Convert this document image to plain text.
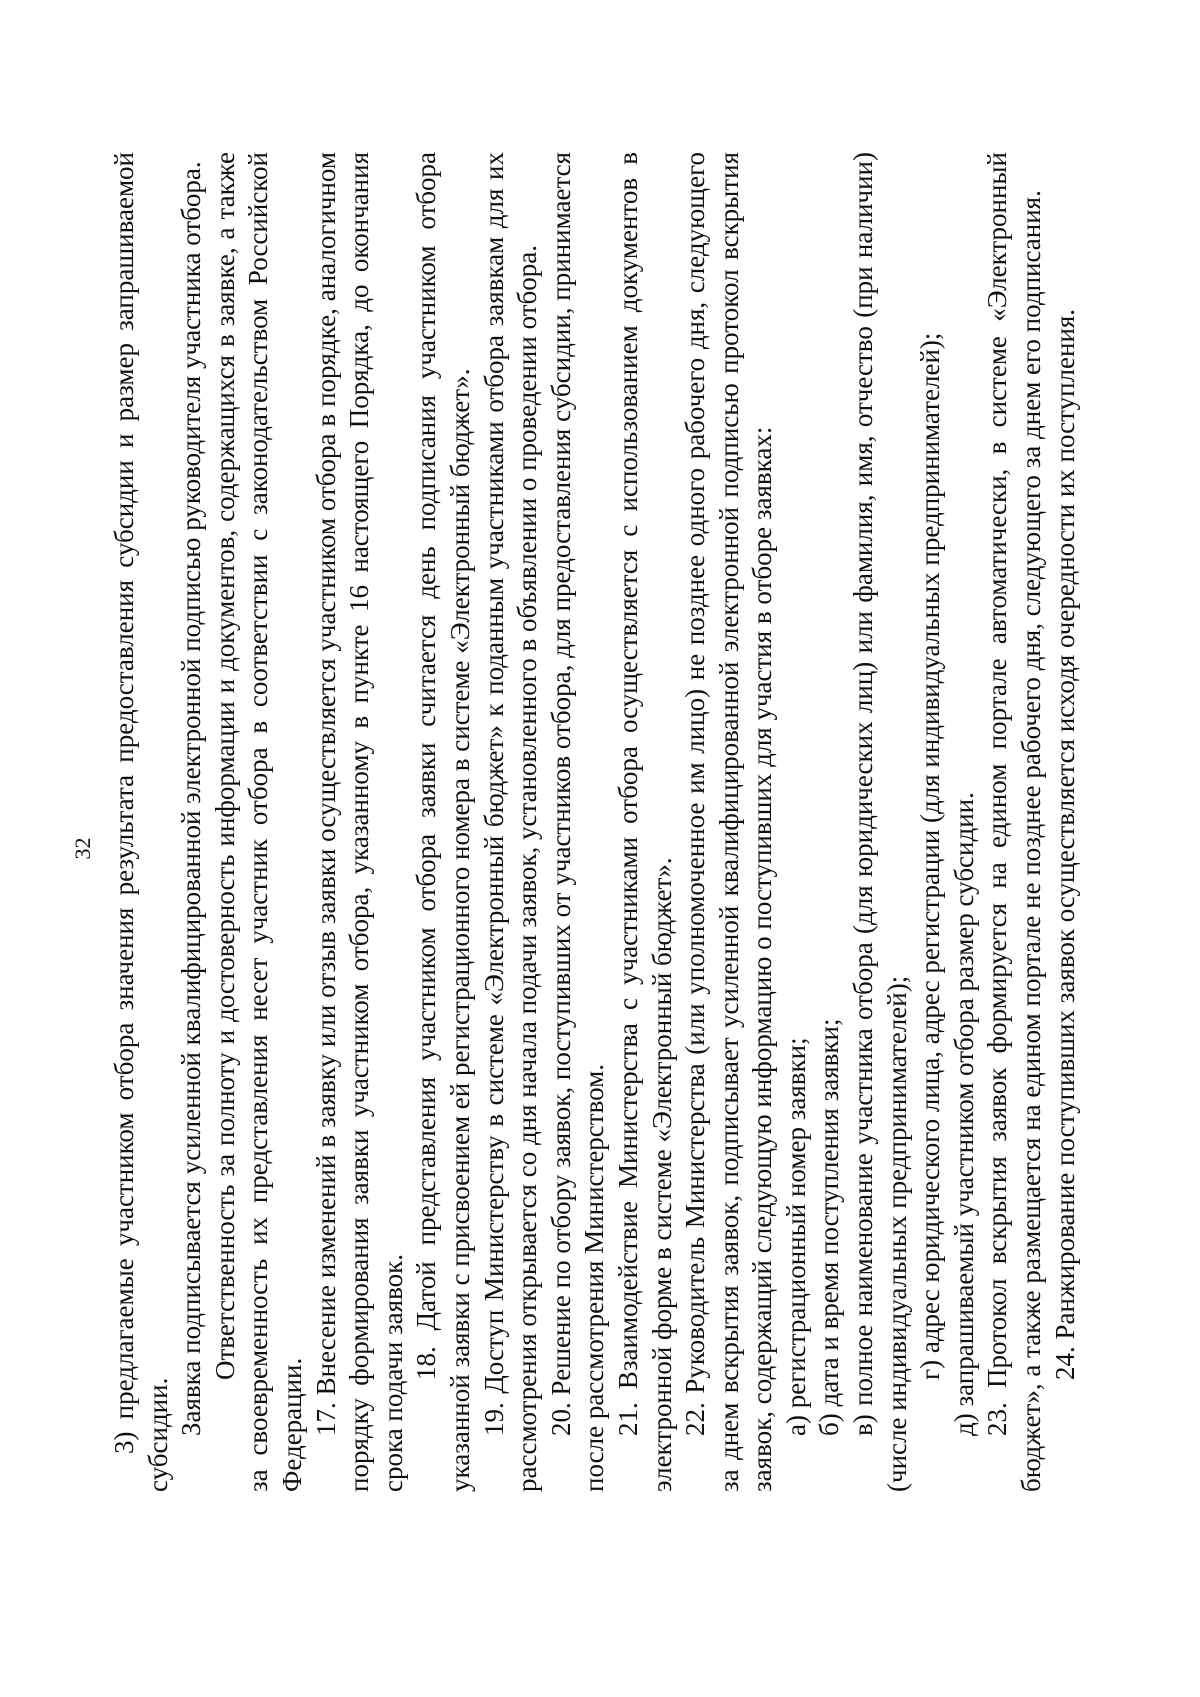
32 3) предлагаемые участником отбора значения результата предоставления субсидии и размер запрашиваемой субсидии. Заявка подписывается усиленной квалифицированной электронной подписью руководителя участника отбора. Ответственность за полноту и достоверность информации и документов, содержащихся в заявке, а также за своевременность их представления несет участник отбора в соответствии с законодательством Российской Федерации. 17. Внесение изменений в заявку или отзыв заявки осуществляется участником отбора в порядке, аналогичном порядку формирования заявки участником отбора, указанному в пункте 16 настоящего Порядка, до окончания срока подачи заявок. 18. Датой представления участником отбора заявки считается день подписания участником отбора указанной заявки с присвоением ей регистрационного номера в системе «Электронный бюджет». 19. Доступ Министерству в системе «Электронный бюджет» к поданным участниками отбора заявкам для их рассмотрения открывается со дня начала подачи заявок, установленного в объявлении о проведении отбора. 20. Решение по отбору заявок, поступивших от участников отбора, для предоставления субсидии, принимается после рассмотрения Министерством. 21. Взаимодействие Министерства с участниками отбора осуществляется с использованием документов в электронной форме в системе «Электронный бюджет». 22. Руководитель Министерства (или уполномоченное им лицо) не позднее одного рабочего дня, следующего за днем вскрытия заявок, подписывает усиленной квалифицированной электронной подписью протокол вскрытия заявок, содержащий следующую информацию о поступивших для участия в отборе заявках: а) регистрационный номер заявки; б) дата и время поступления заявки; в) полное наименование участника отбора (для юридических лиц) или фамилия, имя, отчество (при наличии) (числе индивидуальных предпринимателей); г) адрес юридического лица, адрес регистрации (для индивидуальных предпринимателей); д) запрашиваемый участником отбора размер субсидии. 23. Протокол вскрытия заявок формируется на едином портале автоматически, в системе «Электронный бюджет», а также размещается на едином портале не позднее рабочего дня, следующего за днем его подписания. 24. Ранжирование поступивших заявок осуществляется исходя очередности их поступления.
